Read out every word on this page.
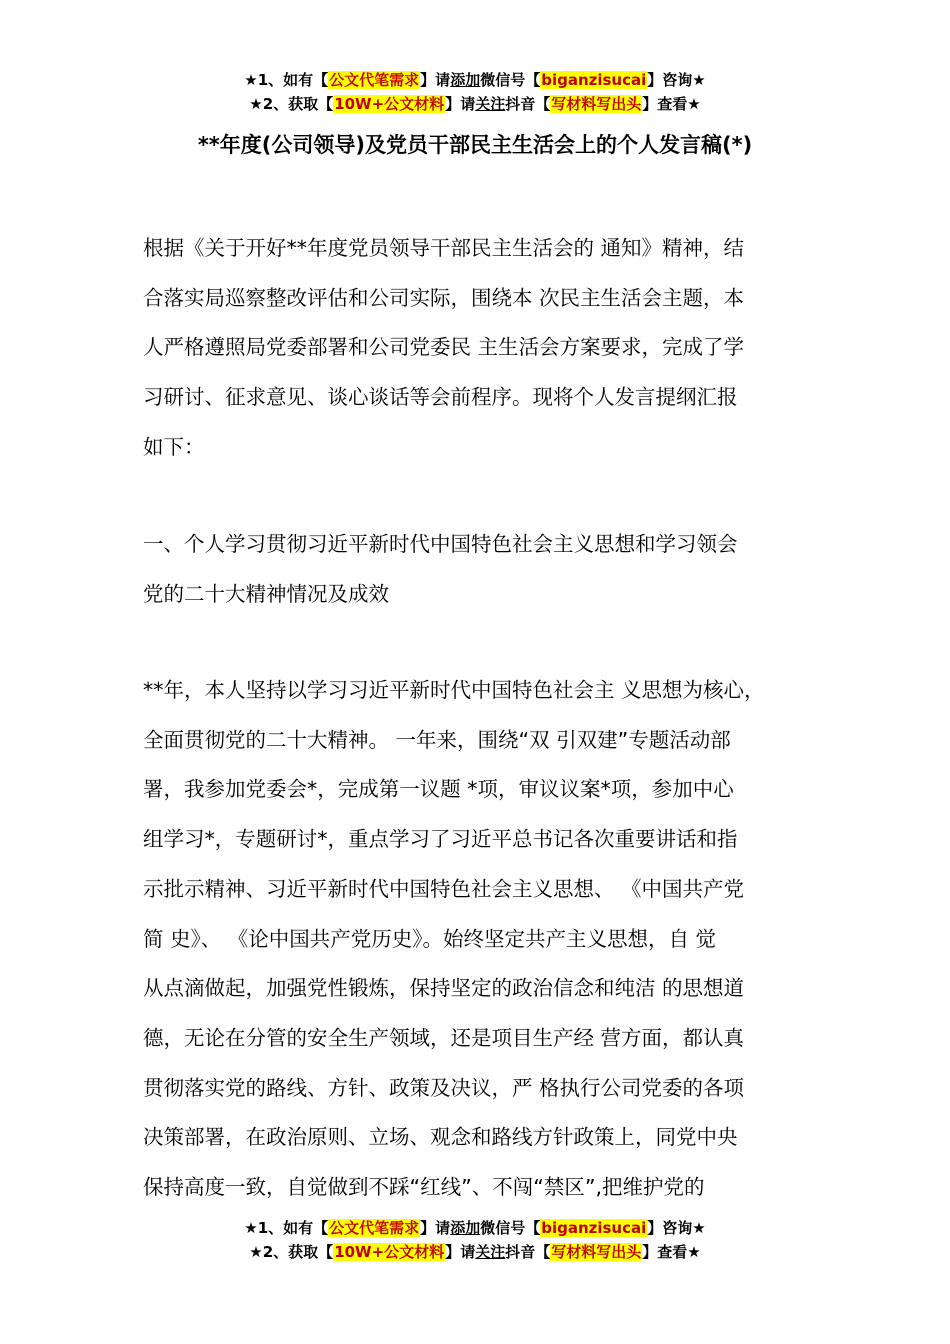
★1、如有【公文代笔需求】请添加微信号【biganzisucai】咨询★
★2、获取【10W+公文材料】请关注抖音【写材料写出头】查看★
**年度(公司领导)及党员干部民主生活会上的个人发言稿(*)
根据《关于开好**年度党员领导干部民主生活会的 通知》精神，结
合落实局巡察整改评估和公司实际，围绕本 次民主生活会主题，本
人严格遵照局党委部署和公司党委民 主生活会方案要求，完成了学
习研讨、征求意见、谈心谈话等会前程序。现将个人发言提纲汇报
如下：
一、个人学习贯彻习近平新时代中国特色社会主义思想和学习领会
党的二十大精神情况及成效
**年，本人坚持以学习习近平新时代中国特色社会主 义思想为核心，
全面贯彻党的二十大精神。 一年来，围绕“双 引双建”专题活动部
署，我参加党委会*，完成第一议题 *项，审议议案*项，参加中心
组学习*，专题研讨*，重点学习了习近平总书记各次重要讲话和指
示批示精神、习近平新时代中国特色社会主义思想、 《中国共产党
简 史》、 《论中国共产党历史》。始终坚定共产主义思想，自 觉
从点滴做起，加强党性锻炼，保持坚定的政治信念和纯洁 的思想道
德，无论在分管的安全生产领域，还是项目生产经 营方面，都认真
贯彻落实党的路线、方针、政策及决议，严 格执行公司党委的各项
决策部署，在政治原则、立场、观念和路线方针政策上，同党中央
保持高度一致，自觉做到不踩“红线”、不闯“禁区”,把维护党的
★1、如有【公文代笔需求】请添加微信号【biganzisucai】咨询★
★2、获取【10W+公文材料】请关注抖音【写材料写出头】查看★
